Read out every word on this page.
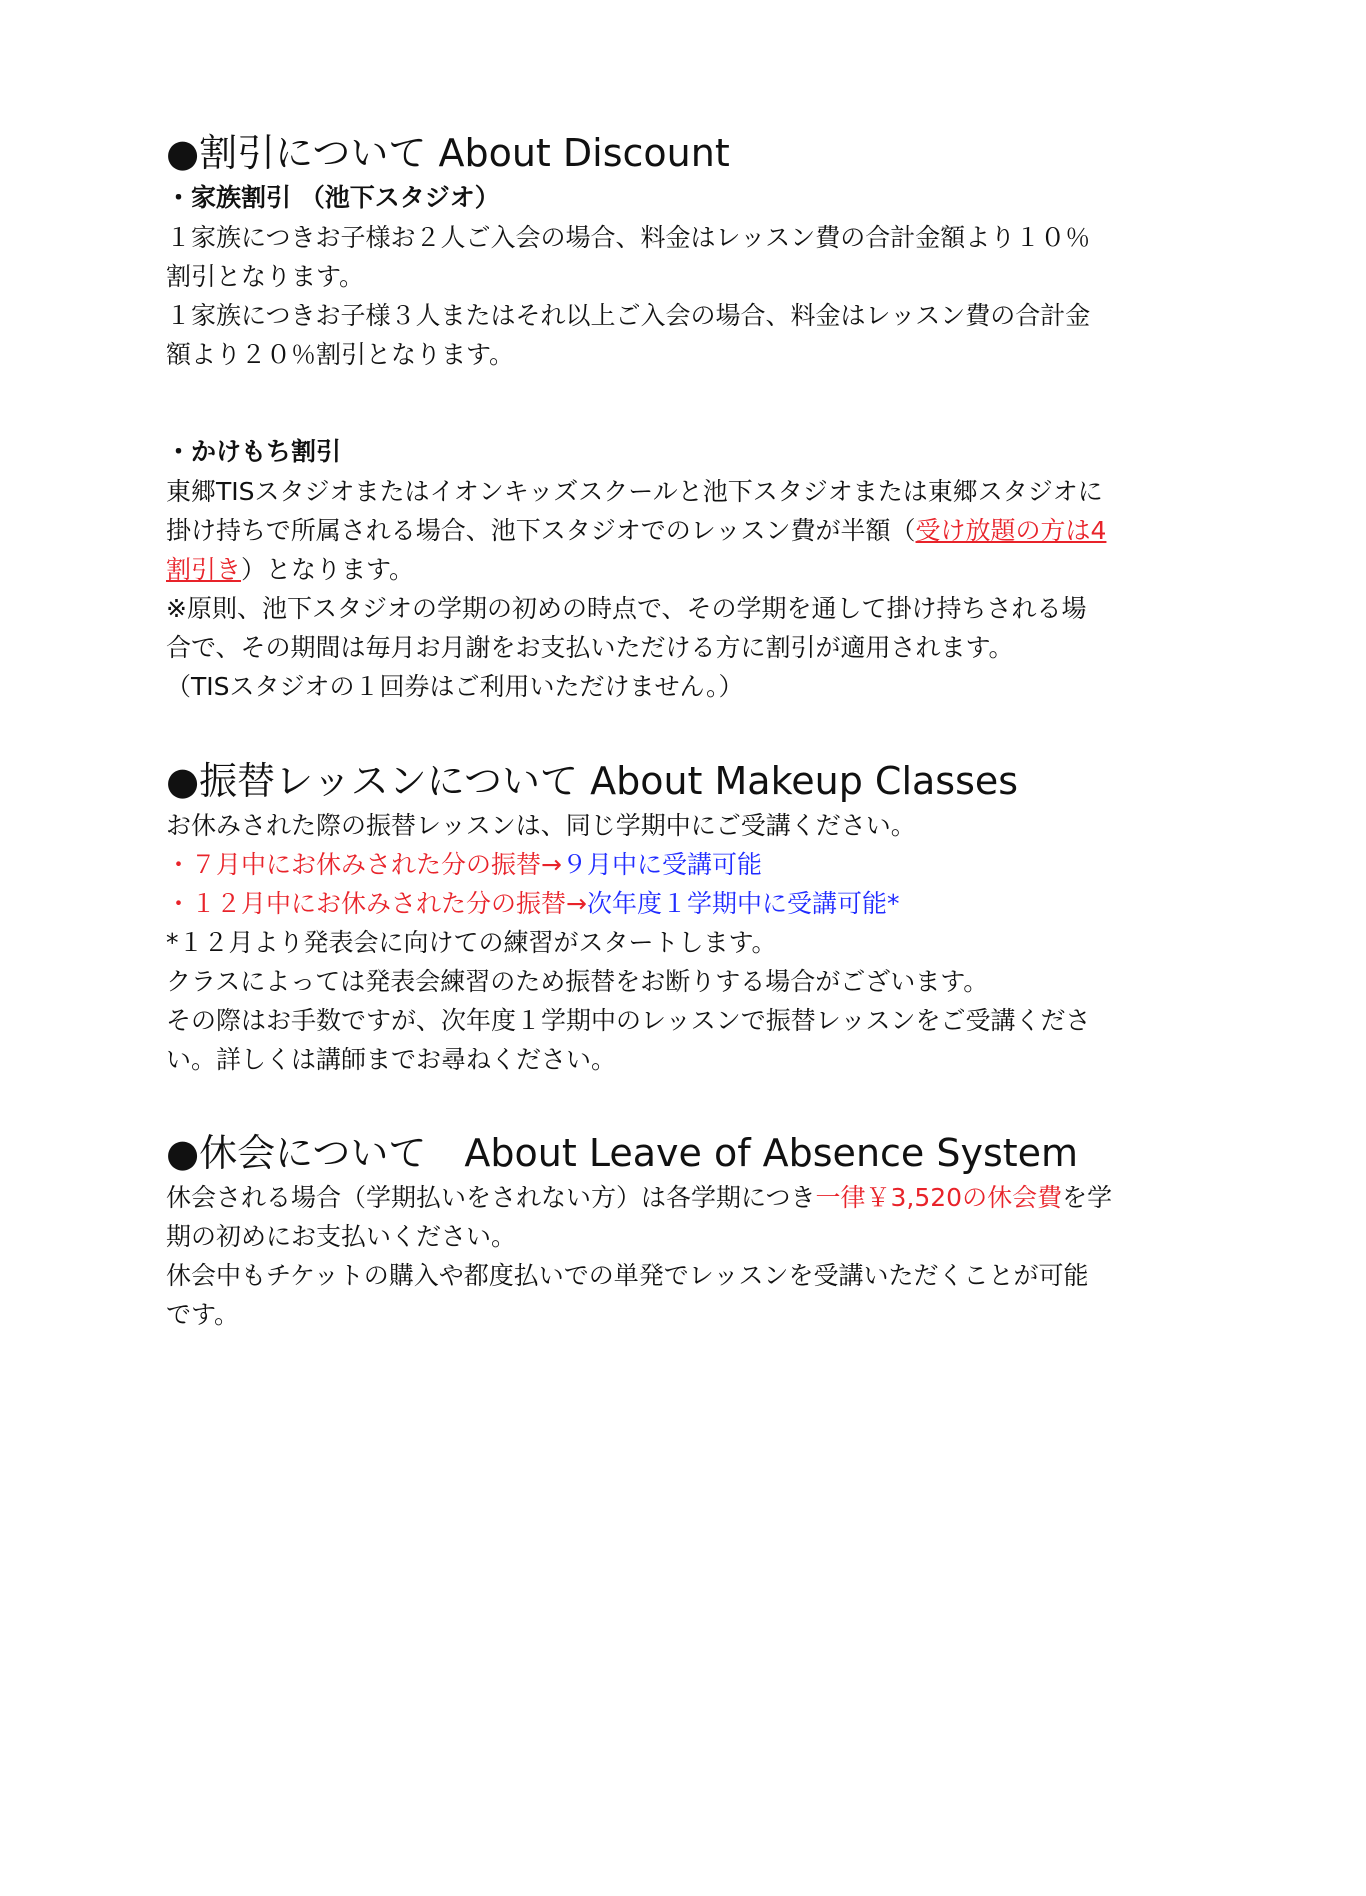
●割引について About Discount

・家族割引 （池下スタジオ）

１家族につきお子様お２人ご入会の場合、料金はレッスン費の合計金額より１０％

割引となります。

１家族につきお子様３人またはそれ以上ご入会の場合、料金はレッスン費の合計金

額より２０％割引となります。

・かけもち割引

東郷TISスタジオまたはイオンキッズスクールと池下スタジオまたは東郷スタジオに

掛け持ちで所属される場合、池下スタジオでのレッスン費が半額（受け放題の方は4

割引き）となります。

※原則、池下スタジオの学期の初めの時点で、その学期を通して掛け持ちされる場

合で、その期間は毎月お月謝をお支払いただける方に割引が適用されます。

（TISスタジオの１回券はご利用いただけません。）

●振替レッスンについて About Makeup Classes

お休みされた際の振替レッスンは、同じ学期中にご受講ください。

・７月中にお休みされた分の振替→９月中に受講可能

・１２月中にお休みされた分の振替→次年度１学期中に受講可能*

*１２月より発表会に向けての練習がスタートします。

クラスによっては発表会練習のため振替をお断りする場合がございます。

その際はお手数ですが、次年度１学期中のレッスンで振替レッスンをご受講くださ

い。詳しくは講師までお尋ねください。

●休会について　About Leave of Absence System

休会される場合（学期払いをされない方）は各学期につき一律￥3,520の休会費を学

期の初めにお支払いください。

休会中もチケットの購入や都度払いでの単発でレッスンを受講いただくことが可能

です。
